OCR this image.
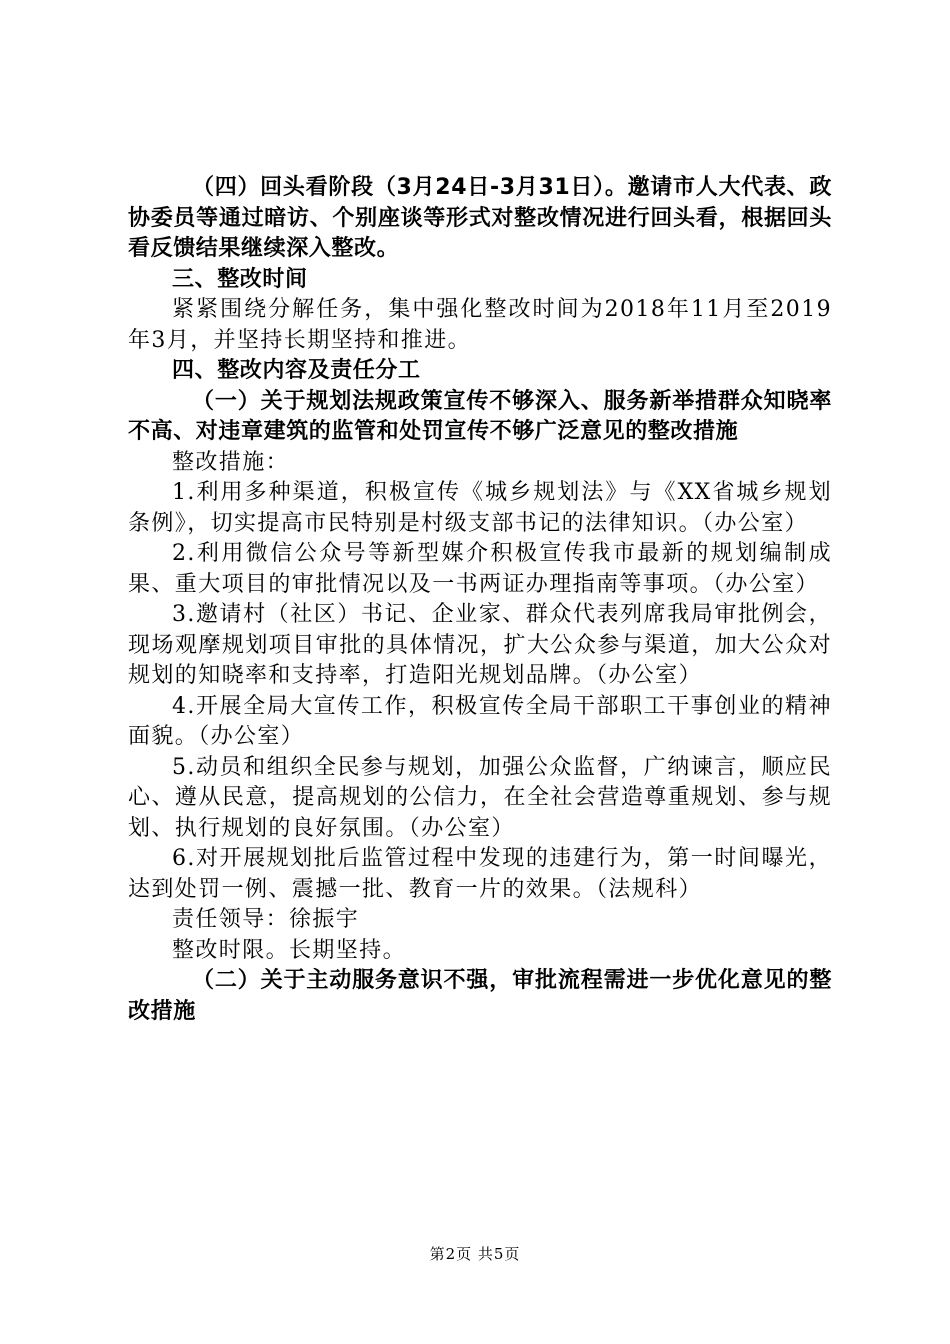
（四）回头看阶段（3月24日-3月31日）。邀请市人大代表、政协委员等通过暗访、个别座谈等形式对整改情况进行回头看，根据回头看反馈结果继续深入整改。

三、整改时间

紧紧围绕分解任务，集中强化整改时间为2018年11月至2019年3月，并坚持长期坚持和推进。

四、整改内容及责任分工

（一）关于规划法规政策宣传不够深入、服务新举措群众知晓率不高、对违章建筑的监管和处罚宣传不够广泛意见的整改措施

整改措施：

1.利用多种渠道，积极宣传《城乡规划法》与《XX省城乡规划条例》，切实提高市民特别是村级支部书记的法律知识。（办公室）

2.利用微信公众号等新型媒介积极宣传我市最新的规划编制成果、重大项目的审批情况以及一书两证办理指南等事项。（办公室）

3.邀请村（社区）书记、企业家、群众代表列席我局审批例会，现场观摩规划项目审批的具体情况，扩大公众参与渠道，加大公众对规划的知晓率和支持率，打造阳光规划品牌。（办公室）

4.开展全局大宣传工作，积极宣传全局干部职工干事创业的精神面貌。（办公室）

5.动员和组织全民参与规划，加强公众监督，广纳谏言，顺应民心、遵从民意，提高规划的公信力，在全社会营造尊重规划、参与规划、执行规划的良好氛围。（办公室）

6.对开展规划批后监管过程中发现的违建行为，第一时间曝光，达到处罚一例、震撼一批、教育一片的效果。（法规科）

责任领导：徐振宇

整改时限。长期坚持。

（二）关于主动服务意识不强，审批流程需进一步优化意见的整改措施

第2页 共5页
